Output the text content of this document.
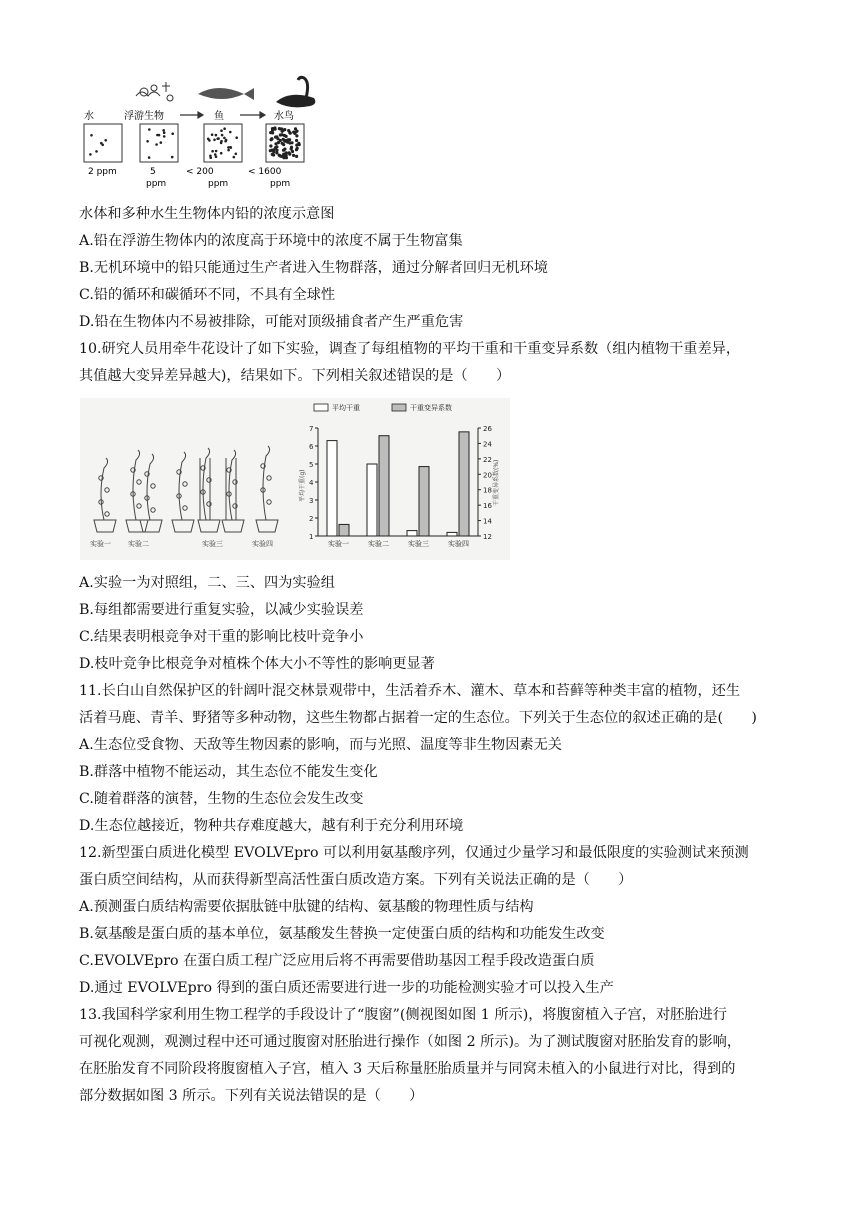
水	浮游生物	鱼	水鸟
2 ppm	5
ppm
< 200
ppm
< 1600
ppm
水体和多种水生生物体内铅的浓度示意图
A.铅在浮游生物体内的浓度高于环境中的浓度不属于生物富集
B.无机环境中的铅只能通过生产者进入生物群落，通过分解者回归无机环境
C.铅的循环和碳循环不同，不具有全球性
D.铅在生物体内不易被排除，可能对顶级捕食者产生严重危害
10.研究人员用牵牛花设计了如下实验，调查了每组植物的平均干重和干重变异系数（组内植物干重差异，
其值越大变异差异越大)，结果如下。下列相关叙述错误的是（　　）
实验一 实验二	实验三	实验四
1
2
3
4
5
6
7
12
14
16
18
20
22
24
26
平均干重(g)	干重变异系数(%)
平均干重	干重变异系数
实验一	实验二	实验三	实验四
A.实验一为对照组，二、三、四为实验组
B.每组都需要进行重复实验，以减少实验误差
C.结果表明根竞争对干重的影响比枝叶竞争小
D.枝叶竞争比根竞争对植株个体大小不等性的影响更显著
11.长白山自然保护区的针阔叶混交林景观带中，生活着乔木、灌木、草本和苔藓等种类丰富的植物，还生
活着马鹿、青羊、野猪等多种动物，这些生物都占据着一定的生态位。下列关于生态位的叙述正确的是(　　)
A.生态位受食物、天敌等生物因素的影响，而与光照、温度等非生物因素无关
B.群落中植物不能运动，其生态位不能发生变化
C.随着群落的演替，生物的生态位会发生改变
D.生态位越接近，物种共存难度越大，越有利于充分利用环境
12.新型蛋白质进化模型 EVOLVEpro 可以利用氨基酸序列，仅通过少量学习和最低限度的实验测试来预测
蛋白质空间结构，从而获得新型高活性蛋白质改造方案。下列有关说法正确的是（　　）
A.预测蛋白质结构需要依据肽链中肽键的结构、氨基酸的物理性质与结构
B.氨基酸是蛋白质的基本单位，氨基酸发生替换一定使蛋白质的结构和功能发生改变
C.EVOLVEpro 在蛋白质工程广泛应用后将不再需要借助基因工程手段改造蛋白质
D.通过 EVOLVEpro 得到的蛋白质还需要进行进一步的功能检测实验才可以投入生产
13.我国科学家利用生物工程学的手段设计了“腹窗”(侧视图如图 1 所示)，将腹窗植入子宫，对胚胎进行
可视化观测，观测过程中还可通过腹窗对胚胎进行操作（如图 2 所示)。为了测试腹窗对胚胎发育的影响，
在胚胎发育不同阶段将腹窗植入子宫，植入 3 天后称量胚胎质量并与同窝未植入的小鼠进行对比，得到的
部分数据如图 3 所示。下列有关说法错误的是（　　）
